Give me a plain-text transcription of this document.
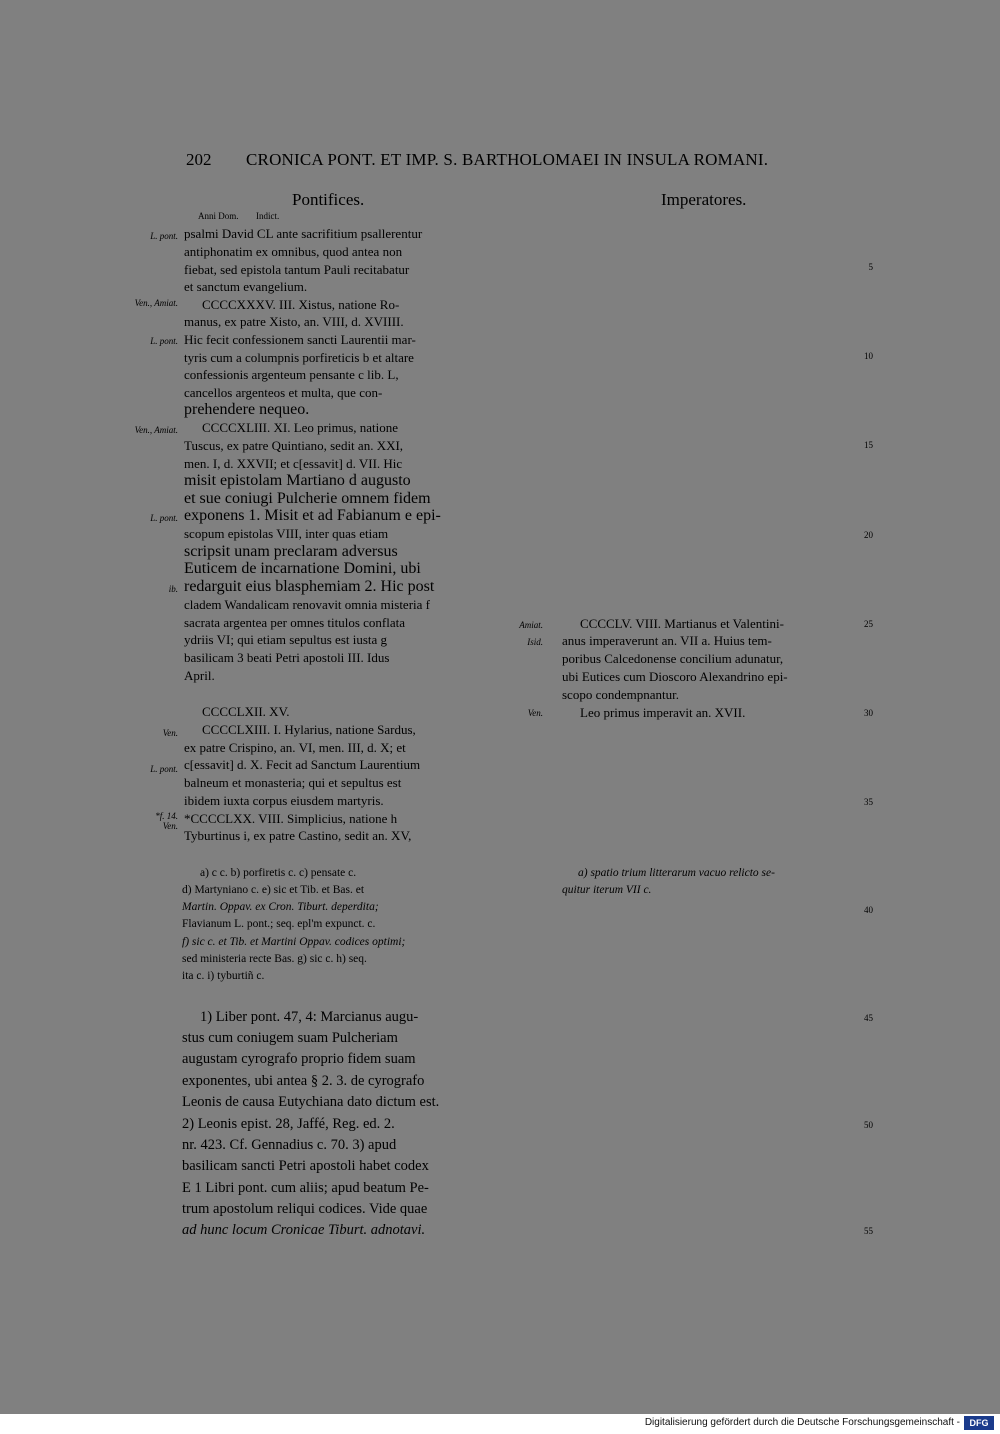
202 CRONICA PONT. ET IMP. S. BARTHOLOMAEI IN INSULA ROMANI.
Pontifices.	Imperatores.
Anni Dom. Indict.
L. pont.
Ven., Amiat.
L. pont.
Ven., Amiat.
L. pont.
ib.
Ven.
L. pont.
*f. 14.
Ven.
psalmi David CL ante sacrifitium psallerentur
antiphonatim ex omnibus, quod antea non
fiebat, sed epistola tantum Pauli recitabatur
et sanctum evangelium.
CCCCXXXV. III. Xistus, natione Ro-
manus, ex patre Xisto, an. VIII, d. XVIIII.
Hic fecit confessionem sancti Laurentii mar-
tyris cum a columpnis porfireticis b et altare
confessionis argenteum pensante c lib. L,
cancellos argenteos et multa, que con-
prehendere nequeo.
CCCCXLIII. XI. Leo primus, natione
Tuscus, ex patre Quintiano, sedit an. XXI,
men. I, d. XXVII; et c[essavit] d. VII. Hic
misit epistolam Martiano d augusto
et sue coniugi Pulcherie omnem fidem
exponens 1. Misit et ad Fabianum e epi-
scopum epistolas VIII, inter quas etiam
scripsit unam preclaram adversus
Euticem de incarnatione Domini, ubi
redarguit eius blasphemiam 2. Hic post
cladem Wandalicam renovavit omnia misteria f
sacrata argentea per omnes titulos conflata
ydriis VI; qui etiam sepultus est iusta g
basilicam 3 beati Petri apostoli III. Idus
April.
CCCCLXII. XV.
CCCCLXIII. I. Hylarius, natione Sardus,
ex patre Crispino, an. VI, men. III, d. X; et
c[essavit] d. X. Fecit ad Sanctum Laurentium
balneum et monasteria; qui et sepultus est
ibidem iuxta corpus eiusdem martyris.
*CCCCLXX. VIII. Simplicius, natione h
Tyburtinus i, ex patre Castino, sedit an. XV,
Amiat.
Isid.
Ven.
CCCCLV. VIII. Martianus et Valentini-
anus imperaverunt an. VII a. Huius tem-
poribus Calcedonense concilium adunatur,
ubi Eutices cum Dioscoro Alexandrino epi-
scopo condempnantur.
Leo primus imperavit an. XVII.
5
10
15
20
25
30
35
40
45
50
55
a) c c. b) porfiretis c. c) pensate c.
d) Martyniano c. e) sic et Tib. et Bas. et
Martin. Oppav. ex Cron. Tiburt. deperdita;
Flavianum L. pont.; seq. epl'm expunct. c.
f) sic c. et Tib. et Martini Oppav. codices optimi;
sed ministeria recte Bas. g) sic c. h) seq.
ita c. i) tyburtiñ c.
a) spatio trium litterarum vacuo relicto se-
quitur iterum VII c.
1) Liber pont. 47, 4: Marcianus augu-
stus cum coniugem suam Pulcheriam
augustam cyrografo proprio fidem suam
exponentes, ubi antea § 2. 3. de cyrografo
Leonis de causa Eutychiana dato dictum est.
2) Leonis epist. 28, Jaffé, Reg. ed. 2.
nr. 423. Cf. Gennadius c. 70. 3) apud
basilicam sancti Petri apostoli habet codex
E 1 Libri pont. cum aliis; apud beatum Pe-
trum apostolum reliqui codices. Vide quae
ad hunc locum Cronicae Tiburt. adnotavi.
Digitalisierung gefördert durch die Deutsche Forschungsgemeinschaft -	DFG
